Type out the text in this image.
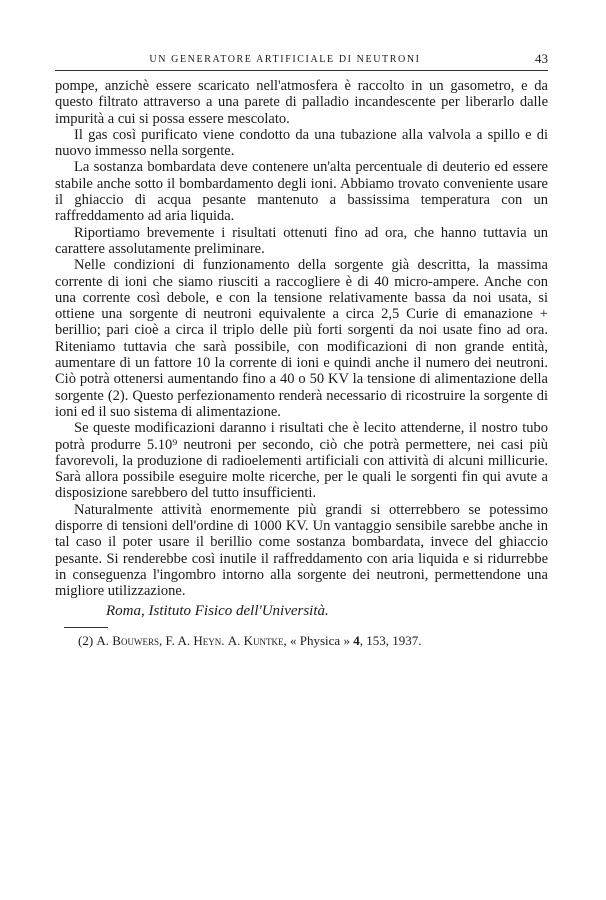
UN GENERATORE ARTIFICIALE DI NEUTRONI	43

pompe, anzichè essere scaricato nell'atmosfera è raccolto in un gasometro, e da questo filtrato attraverso a una parete di palladio incandescente per liberarlo dalle impurità a cui si possa essere mescolato.

Il gas così purificato viene condotto da una tubazione alla valvola a spillo e di nuovo immesso nella sorgente.

La sostanza bombardata deve contenere un'alta percentuale di deuterio ed essere stabile anche sotto il bombardamento degli ioni. Abbiamo trovato conveniente usare il ghiaccio di acqua pesante mantenuto a bassissima temperatura con un raffreddamento ad aria liquida.

Riportiamo brevemente i risultati ottenuti fino ad ora, che hanno tuttavia un carattere assolutamente preliminare.

Nelle condizioni di funzionamento della sorgente già descritta, la massima corrente di ioni che siamo riusciti a raccogliere è di 40 micro-ampere. Anche con una corrente così debole, e con la tensione relativamente bassa da noi usata, si ottiene una sorgente di neutroni equivalente a circa 2,5 Curie di emanazione + berillio; pari cioè a circa il triplo delle più forti sorgenti da noi usate fino ad ora. Riteniamo tuttavia che sarà possibile, con modificazioni di non grande entità, aumentare di un fattore 10 la corrente di ioni e quindi anche il numero dei neutroni. Ciò potrà ottenersi aumentando fino a 40 o 50 KV la tensione di alimentazione della sorgente (2). Questo perfezionamento renderà necessario di ricostruire la sorgente di ioni ed il suo sistema di alimentazione.

Se queste modificazioni daranno i risultati che è lecito attenderne, il nostro tubo potrà produrre 5.10⁹ neutroni per secondo, ciò che potrà permettere, nei casi più favorevoli, la produzione di radioelementi artificiali con attività di alcuni millicurie. Sarà allora possibile eseguire molte ricerche, per le quali le sorgenti fin qui avute a disposizione sarebbero del tutto insufficienti.

Naturalmente attività enormemente più grandi si otterrebbero se potessimo disporre di tensioni dell'ordine di 1000 KV. Un vantaggio sensibile sarebbe anche in tal caso il poter usare il berillio come sostanza bombardata, invece del ghiaccio pesante. Si renderebbe così inutile il raffreddamento con aria liquida e si ridurrebbe in conseguenza l'ingombro intorno alla sorgente dei neutroni, permettendone una migliore utilizzazione.

Roma, Istituto Fisico dell'Università.
(2) A. Bouwers, F. A. Heyn. A. Kuntke, « Physica » 4, 153, 1937.
